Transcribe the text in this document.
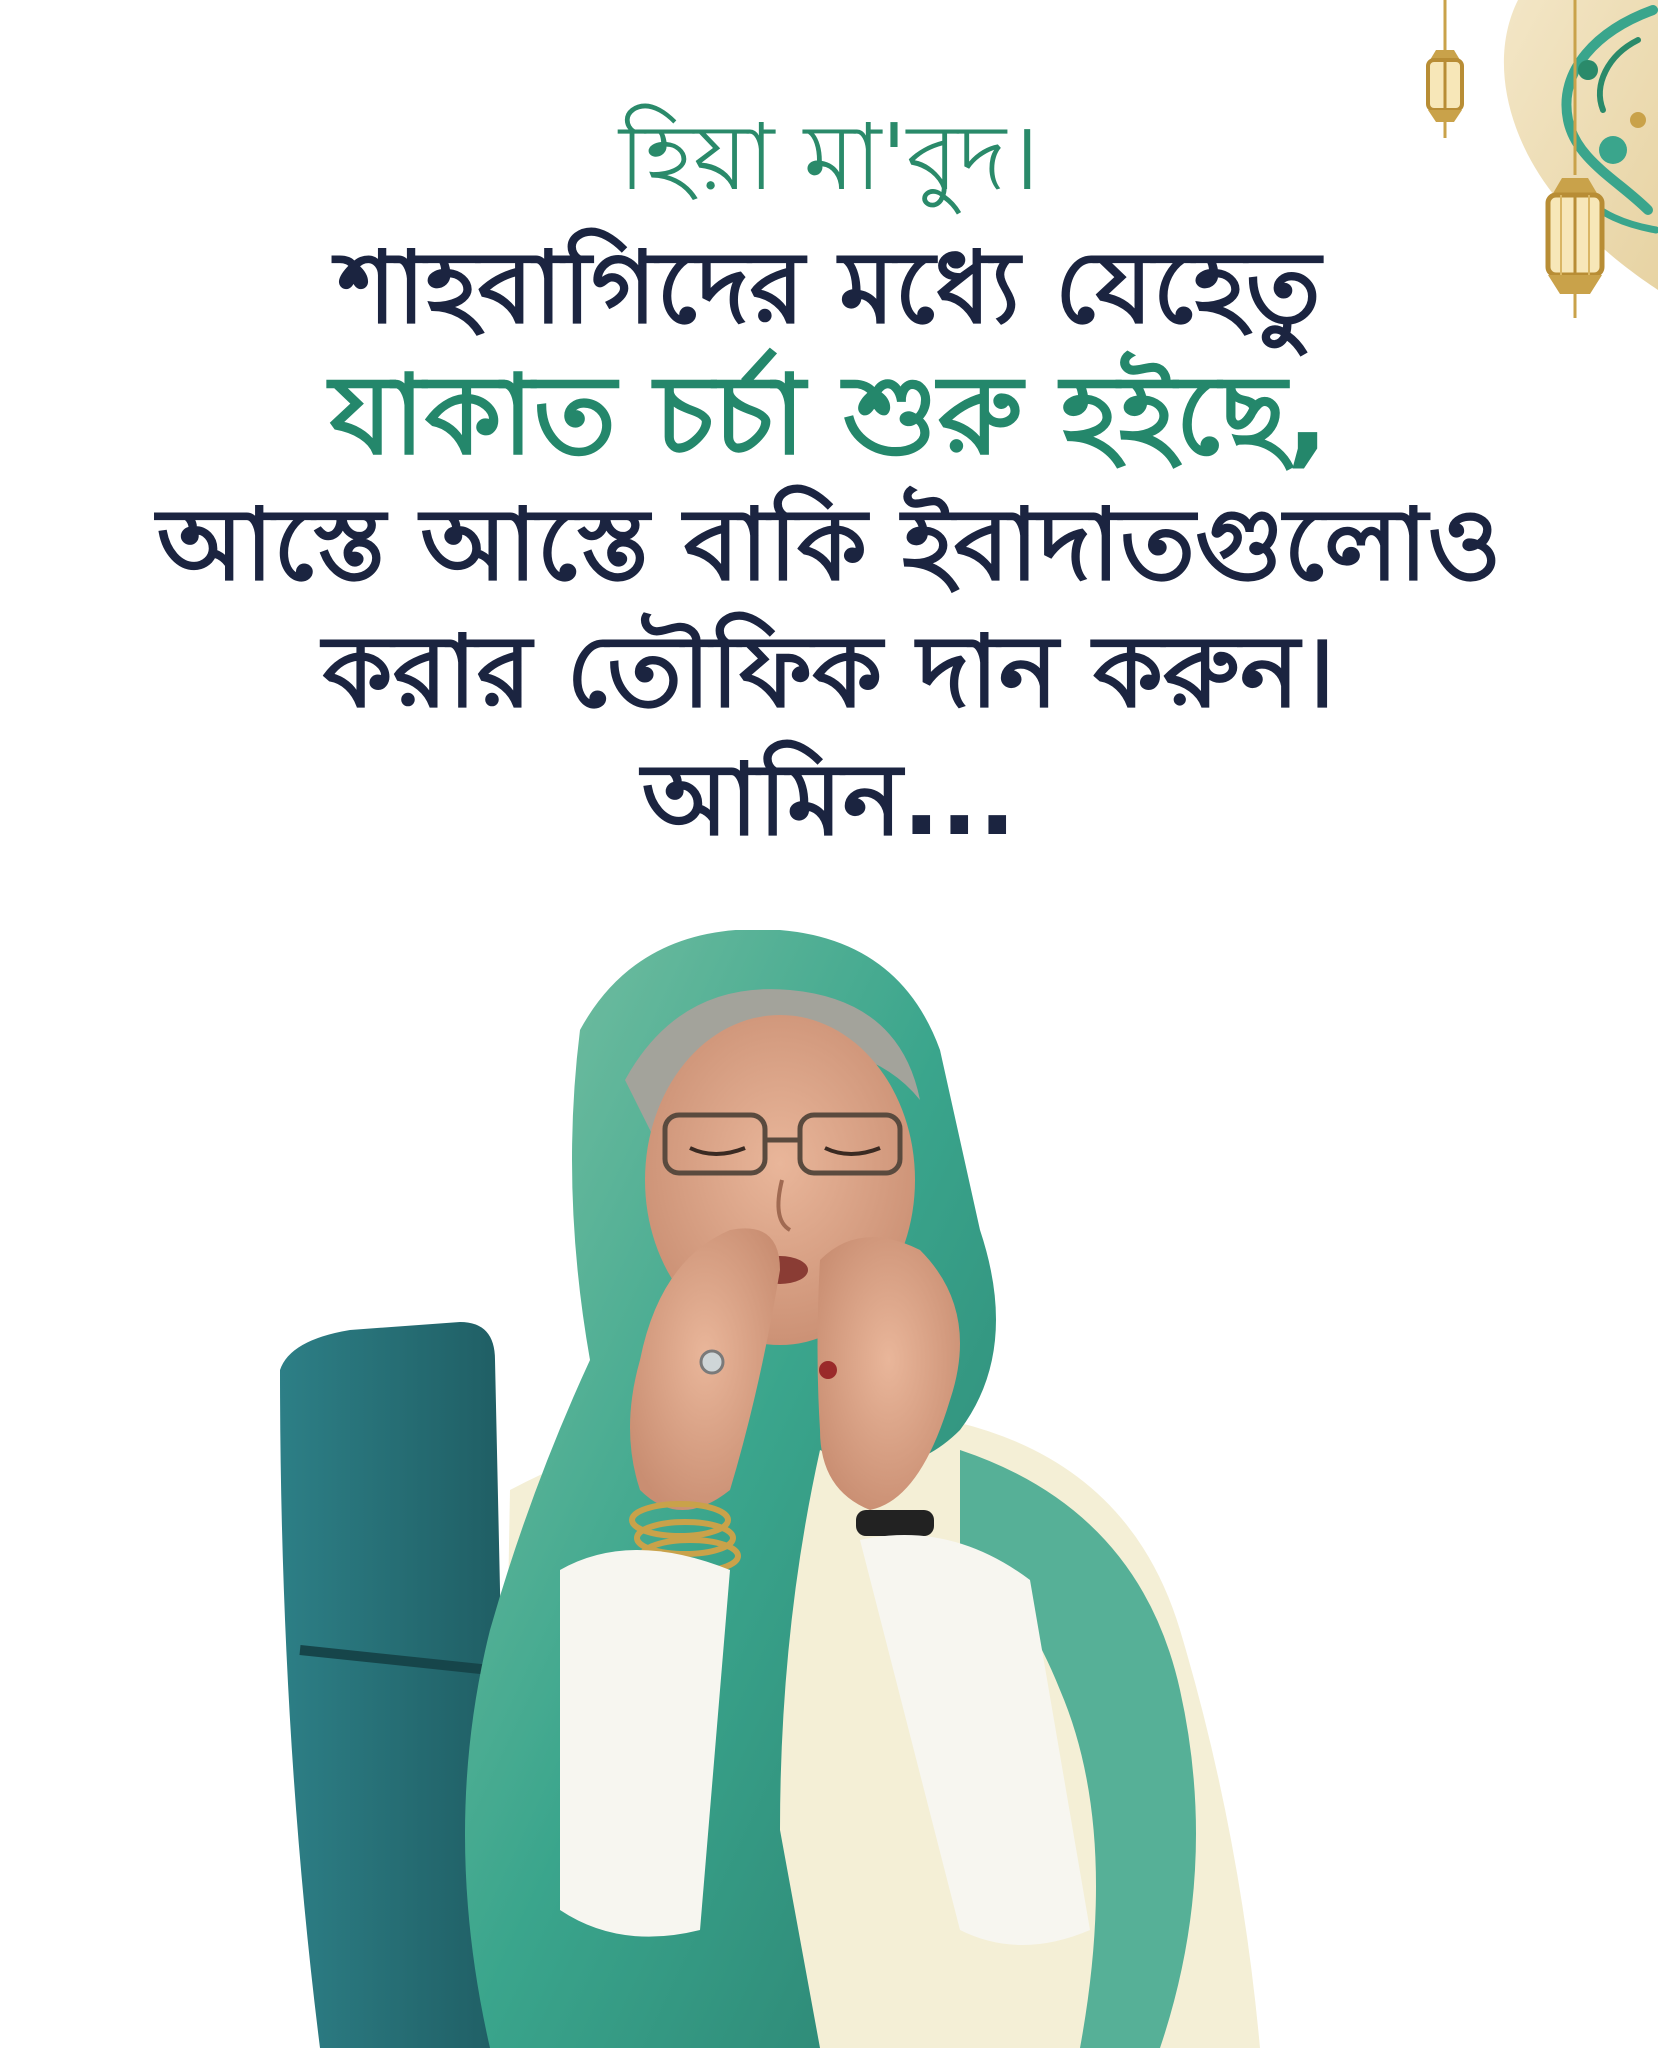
হিয়া মা'বুদ।
শাহবাগিদের মধ্যে যেহেতু
যাকাত চর্চা শুরু হইছে,
আস্তে আস্তে বাকি ইবাদাতগুলোও
করার তৌফিক দান করুন।
আমিন...
